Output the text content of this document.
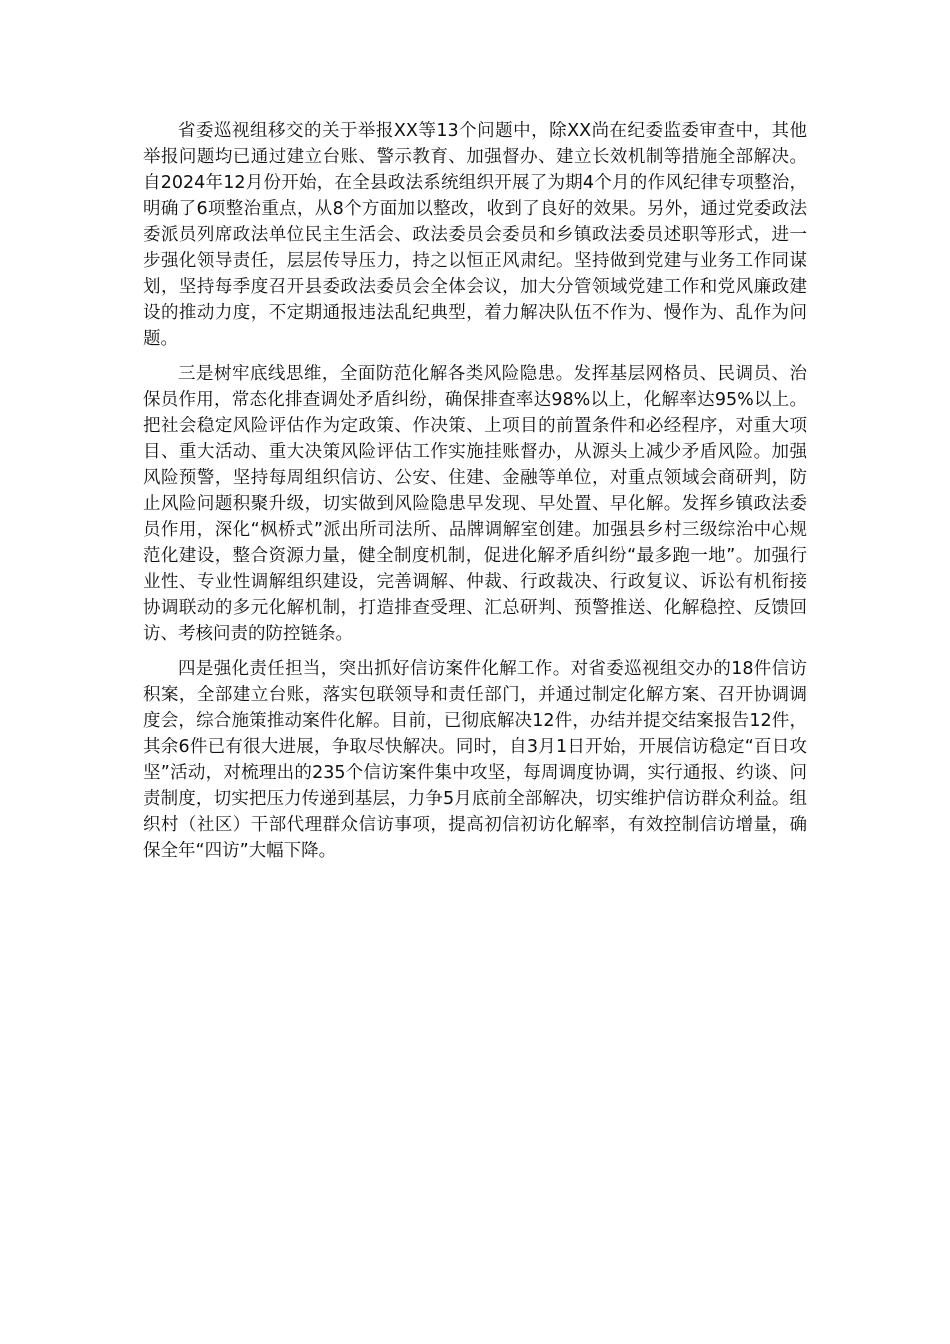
省委巡视组移交的关于举报XX等13个问题中，除XX尚在纪委监委审查中，其他举报问题均已通过建立台账、警示教育、加强督办、建立长效机制等措施全部解决。自2024年12月份开始，在全县政法系统组织开展了为期4个月的作风纪律专项整治，明确了6项整治重点，从8个方面加以整改，收到了良好的效果。另外，通过党委政法委派员列席政法单位民主生活会、政法委员会委员和乡镇政法委员述职等形式，进一步强化领导责任，层层传导压力，持之以恒正风肃纪。坚持做到党建与业务工作同谋划，坚持每季度召开县委政法委员会全体会议，加大分管领域党建工作和党风廉政建设的推动力度，不定期通报违法乱纪典型，着力解决队伍不作为、慢作为、乱作为问题。

三是树牢底线思维，全面防范化解各类风险隐患。发挥基层网格员、民调员、治保员作用，常态化排查调处矛盾纠纷，确保排查率达98%以上，化解率达95%以上。把社会稳定风险评估作为定政策、作决策、上项目的前置条件和必经程序，对重大项目、重大活动、重大决策风险评估工作实施挂账督办，从源头上减少矛盾风险。加强风险预警，坚持每周组织信访、公安、住建、金融等单位，对重点领域会商研判，防止风险问题积聚升级，切实做到风险隐患早发现、早处置、早化解。发挥乡镇政法委员作用，深化“枫桥式”派出所司法所、品牌调解室创建。加强县乡村三级综治中心规范化建设，整合资源力量，健全制度机制，促进化解矛盾纠纷“最多跑一地”。加强行业性、专业性调解组织建设，完善调解、仲裁、行政裁决、行政复议、诉讼有机衔接协调联动的多元化解机制，打造排查受理、汇总研判、预警推送、化解稳控、反馈回访、考核问责的防控链条。

四是强化责任担当，突出抓好信访案件化解工作。对省委巡视组交办的18件信访积案，全部建立台账，落实包联领导和责任部门，并通过制定化解方案、召开协调调度会，综合施策推动案件化解。目前，已彻底解决12件，办结并提交结案报告12件，其余6件已有很大进展，争取尽快解决。同时，自3月1日开始，开展信访稳定“百日攻坚”活动，对梳理出的235个信访案件集中攻坚，每周调度协调，实行通报、约谈、问责制度，切实把压力传递到基层，力争5月底前全部解决，切实维护信访群众利益。组织村（社区）干部代理群众信访事项，提高初信初访化解率，有效控制信访增量，确保全年“四访”大幅下降。
